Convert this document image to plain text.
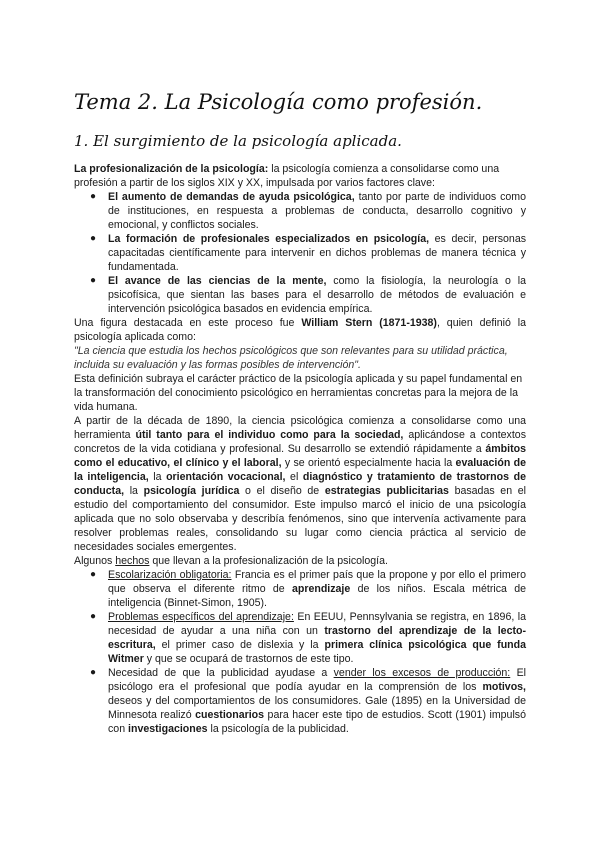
Tema 2. La Psicología como profesión.
1. El surgimiento de la psicología aplicada.

La profesionalización de la psicología: la psicología comienza a consolidarse como una profesión a partir de los siglos XIX y XX, impulsada por varios factores clave:

● El aumento de demandas de ayuda psicológica, tanto por parte de individuos como de instituciones, en respuesta a problemas de conducta, desarrollo cognitivo y emocional, y conflictos sociales.
● La formación de profesionales especializados en psicología, es decir, personas capacitadas científicamente para intervenir en dichos problemas de manera técnica y fundamentada.
● El avance de las ciencias de la mente, como la fisiología, la neurología o la psicofísica, que sientan las bases para el desarrollo de métodos de evaluación e intervención psicológica basados en evidencia empírica.

Una figura destacada en este proceso fue William Stern (1871-1938), quien definió la psicología aplicada como:

"La ciencia que estudia los hechos psicológicos que son relevantes para su utilidad práctica, incluida su evaluación y las formas posibles de intervención".

Esta definición subraya el carácter práctico de la psicología aplicada y su papel fundamental en la transformación del conocimiento psicológico en herramientas concretas para la mejora de la vida humana.

A partir de la década de 1890, la ciencia psicológica comienza a consolidarse como una herramienta útil tanto para el individuo como para la sociedad, aplicándose a contextos concretos de la vida cotidiana y profesional. Su desarrollo se extendió rápidamente a ámbitos como el educativo, el clínico y el laboral, y se orientó especialmente hacia la evaluación de la inteligencia, la orientación vocacional, el diagnóstico y tratamiento de trastornos de conducta, la psicología jurídica o el diseño de estrategias publicitarias basadas en el estudio del comportamiento del consumidor. Este impulso marcó el inicio de una psicología aplicada que no solo observaba y describía fenómenos, sino que intervenía activamente para resolver problemas reales, consolidando su lugar como ciencia práctica al servicio de necesidades sociales emergentes.

Algunos hechos que llevan a la profesionalización de la psicología.

● Escolarización obligatoria: Francia es el primer país que la propone y por ello el primero que observa el diferente ritmo de aprendizaje de los niños. Escala métrica de inteligencia (Binnet-Simon, 1905).
● Problemas específicos del aprendizaje: En EEUU, Pennsylvania se registra, en 1896, la necesidad de ayudar a una niña con un trastorno del aprendizaje de la lecto-escritura, el primer caso de dislexia y la primera clínica psicológica que funda Witmer y que se ocupará de trastornos de este tipo.
● Necesidad de que la publicidad ayudase a vender los excesos de producción: El psicólogo era el profesional que podía ayudar en la comprensión de los motivos, deseos y del comportamientos de los consumidores. Gale (1895) en la Universidad de Minnesota realizó cuestionarios para hacer este tipo de estudios. Scott (1901) impulsó con investigaciones la psicología de la publicidad.
